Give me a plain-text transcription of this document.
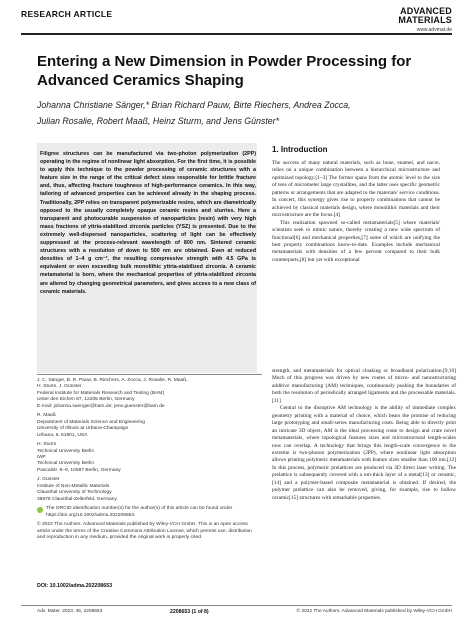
RESEARCH ARTICLE	ADVANCED
MATERIALS
www.advmat.de
Entering a New Dimension in Powder Processing for Advanced Ceramics Shaping
Johanna Christiane Sänger,* Brian Richard Pauw, Birte Riechers, Andrea Zocca,
Julian Rosalie, Robert Maaß, Heinz Sturm, and Jens Günster*
Filigree structures can be manufactured via two-photon polymerization (2PP) operating in the regime of nonlinear light absorption. For the first time, it is possible to apply this technique to the powder processing of ceramic structures with a feature size in the range of the critical defect sizes responsible for brittle fracture and, thus, affecting fracture toughness of high-performance ceramics. In this way, tailoring of advanced properties can be achieved already in the shaping process. Traditionally, 2PP relies on transparent polymerizable resins, which are diametrically opposed to the usually completely opaque ceramic resins and slurries. Here a transparent and photocurable suspension of nanoparticles (resin) with very high mass fractions of yttria-stabilized zirconia particles (YSZ) is presented. Due to the extremely well-dispersed nanoparticles, scattering of light can be effectively suppressed at the process-relevant wavelength of 800 nm. Sintered ceramic structures with a resolution of down to 500 nm are obtained. Even at reduced densities of 1–4 g cm⁻³, the resulting compressive strength with 4.5 GPa is equivalent or even exceeding bulk monolithic yttria-stabilized zirconia. A ceramic metamaterial is born, where the mechanical properties of yttria-stabilized zirconia are altered by changing geometrical parameters, and gives access to a new class of ceramic materials.
1. Introduction

The success of many natural materials, such as bone, enamel, and nacre, relies on a unique combination between a hierarchical microstructure and optimized topology.[1–3] The former spans from the atomic level to the size of tens of micrometer large crystallites, and the latter uses specific geometric patterns or arrangements that are adapted to the materials' service conditions. In concert, this synergy gives rise to property combinations that cannot be achieved by classical materials design, where monolithic materials and their microstructure are the focus.[4]

This realization spawned so-called metamaterials[5] where materials' scientists seek to mimic nature, thereby creating a new wide spectrum of functional[6] and mechanical properties,[7] some of which are unifying the best property combinations know-to-date. Examples include mechanical metamaterials with densities of a few percent compared to their bulk counterparts,[8] but yet with exceptional

J. C. Sänger, B. R. Pauw, B. Riechers, A. Zocca, J. Rosalie, R. Maaß,
H. Sturm, J. Günster
Federal Institute for Materials Research and Testing (BAM)
Unter den Eichen 87, 12205 Berlin, Germany
E-mail: johanna.saenger@bam.de; jens.guenster@bam.de
R. Maaß
Department of Materials Science and Engineering
University of Illinois at Urbana-Champaign
Urbana, IL 61801, USA
H. Sturm
Technical University Berlin
IWF
Technical University Berlin
Pascalstr. 8–9, 10587 Berlin, Germany
J. Günster
Institute of Non-Metallic Materials
Clausthal University of Technology
38678 Clausthal-Zellerfeld, Germany
The ORCID identification number(s) for the author(s) of this article can be found under https://doi.org/10.1002/adma.202208653.
© 2022 The Authors. Advanced Materials published by Wiley-VCH GmbH. This is an open access article under the terms of the Creative Commons Attribution License, which permits use, distribution and reproduction in any medium, provided the original work is properly cited.
DOI: 10.1002/adma.202208653

strength, and metamaterials for optical cloaking or broadband polarization.[9,10] Much of this progress was driven by new routes of micro- and nanostructuring additive manufacturing (AM) techniques, continuously pushing the boundaries of both the resolution of periodically arranged ligaments and the processable materials.[11]

Central to the disruptive AM technology is the ability of immediate complex geometry printing with a material of choice, which bears the promise of reducing large prototyping and small-series manufacturing costs. Being able to directly print an intricate 3D object, AM is the ideal processing route to design and crate novel metamaterials, where topological features sizes and microstructural length-scales now can overlap. A technology that brings this length-scale convergence to the extreme is two-photon polymerization (2PP), where nonlinear light absorption allows printing polymeric metamaterials with feature sizes smaller than 100 nm.[12] In this process, polymeric prelattices are produced via 3D direct laser writing. The prelattice is subsequently covered with a nm-thick layer of a metal[13] or ceramic,[14] and a polymer-based composite metamaterial is obtained. If desired, the polymer prelattice can also be removed, giving, for example, rise to hollow ceramic[15] structures with remarkable properties.

Adv. Mater. 2023, 35, 2208653	2208653 (1 of 8)	© 2022 The Authors. Advanced Materials published by Wiley-VCH GmbH
